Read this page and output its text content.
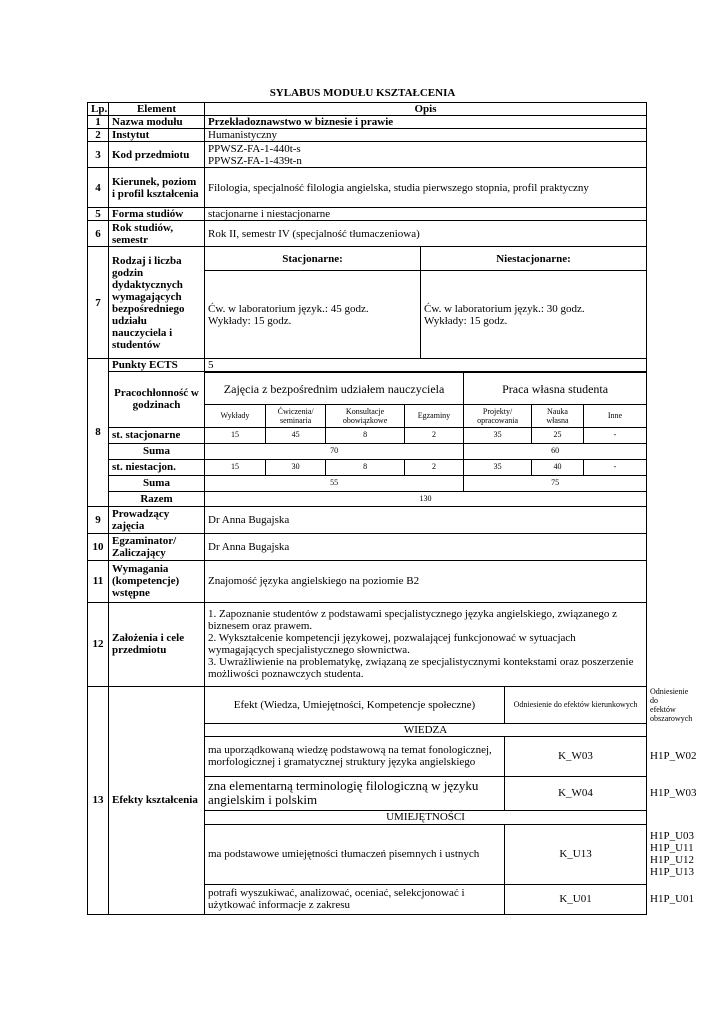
SYLABUS MODUŁU KSZTAŁCENIA
Lp.	Element	Opis
1	Nazwa modułu	Przekładoznawstwo w biznesie i prawie
2	Instytut	Humanistyczny
3	Kod przedmiotu	PPWSZ-FA-1-440t-s
PPWSZ-FA-1-439t-n

4	Kierunek, poziom i profil kształcenia	Filologia, specjalność filologia angielska, studia pierwszego stopnia, profil praktyczny
5	Forma studiów	stacjonarne i niestacjonarne
6	Rok studiów, semestr	Rok II, semestr IV (specjalność tłumaczeniowa)
7	Rodzaj i liczba godzin dydaktycznych wymagających bezpośredniego udziału nauczyciela i studentów	Stacjonarne:	Niestacjonarne:

Ćw. w laboratorium język.: 45 godz.
Wykłady: 15 godz.

Ćw. w laboratorium język.: 30 godz.
Wykłady: 15 godz.

8	Punkty ECTS	5
Pracochłonność w godzinach	
Zajęcia z bezpośrednim udziałem nauczyciela	Praca własna studenta
Wykłady	Ćwiczenia/ seminaria	Konsultacje obowiązkowe	Egzaminy	Projekty/ opracowania	Nauka własna	Inne

st. stacjonarne		15	45	8	2	35	25	-

Suma		70	60

st. niestacjon.		15	30	8	2	35	40	-

Suma		55	75

Razem	130
9	Prowadzący zajęcia	Dr Anna Bugajska
10	Egzaminator/ Zaliczający	Dr Anna Bugajska
11	Wymagania (kompetencje) wstępne	Znajomość języka angielskiego na poziomie B2
12	Założenia i cele przedmiotu	
1. Zapoznanie studentów z podstawami specjalistycznego języka angielskiego, związanego z biznesem oraz prawem.
2. Wykształcenie kompetencji językowej, pozwalającej funkcjonować w sytuacjach wymagających specjalistycznego słownictwa.
3. Uwrażliwienie na problematykę, związaną ze specjalistycznymi kontekstami oraz poszerzenie możliwości poznawczych studenta.

13	Efekty kształcenia	Efekt (Wiedza, Umiejętności, Kompetencje społeczne)	Odniesienie do efektów kierunkowych	Odniesienie do efektów obszarowych
WIEDZA
ma uporządkowaną wiedzę podstawową na temat fonologicznej, morfologicznej i gramatycznej struktury języka angielskiego	K_W03	H1P_W02
zna elementarną terminologię filologiczną w języku angielskim i polskim	K_W04	H1P_W03
UMIEJĘTNOŚCI
ma podstawowe umiejętności tłumaczeń pisemnych i ustnych	K_U13	
H1P_U03
H1P_U11
H1P_U12
H1P_U13

potrafi wyszukiwać, analizować, oceniać, selekcjonować i użytkować informacje z zakresu	K_U01	H1P_U01
